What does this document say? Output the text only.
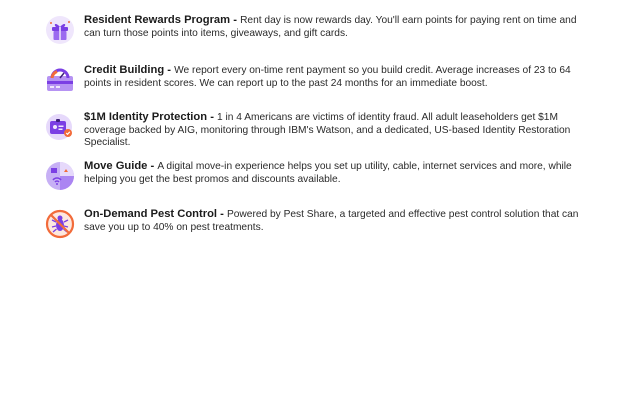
Resident Rewards Program - Rent day is now rewards day. You'll earn points for paying rent on time and can turn those points into items, giveaways, and gift cards.
Credit Building - We report every on-time rent payment so you build credit. Average increases of 23 to 64 points in resident scores. We can report up to the past 24 months for an immediate boost.
$1M Identity Protection - 1 in 4 Americans are victims of identity fraud. All adult leaseholders get $1M coverage backed by AIG, monitoring through IBM's Watson, and a dedicated, US-based Identity Restoration Specialist.
Move Guide - A digital move-in experience helps you set up utility, cable, internet services and more, while helping you get the best promos and discounts available.
On-Demand Pest Control - Powered by Pest Share, a targeted and effective pest control solution that can save you up to 40% on pest treatments.
